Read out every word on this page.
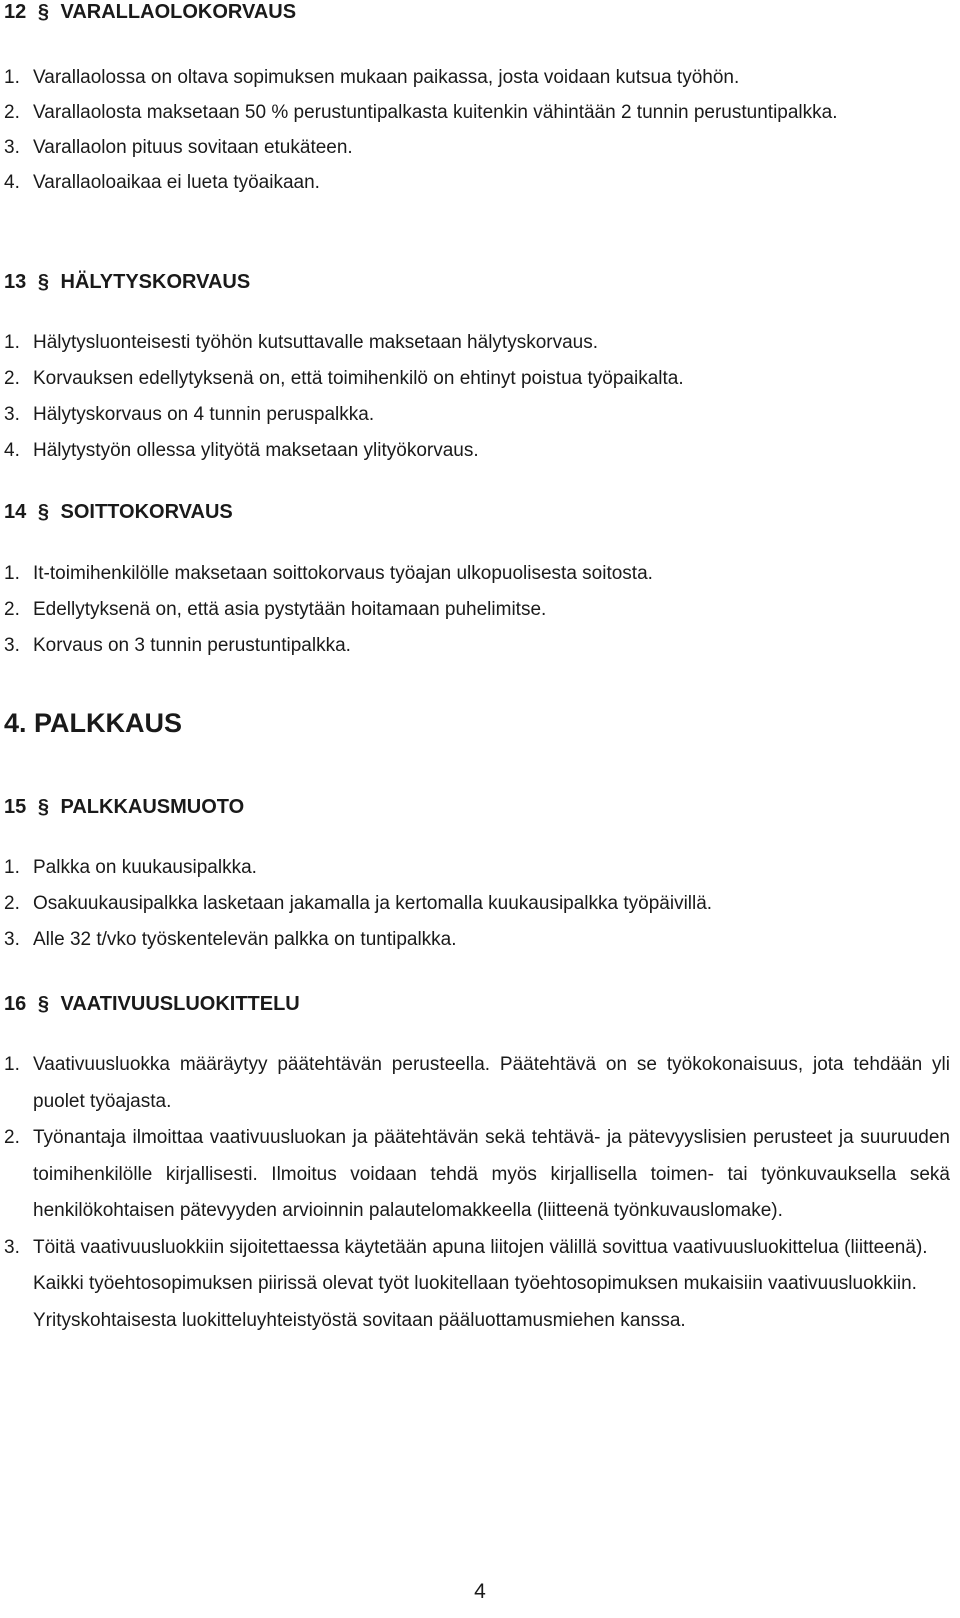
12 § VARALLAOLOKORVAUS
1. Varallaolossa on oltava sopimuksen mukaan paikassa, josta voidaan kutsua työhön.
2. Varallaolosta maksetaan 50 % perustuntipalkasta kuitenkin vähintään 2 tunnin perustuntipalkka.
3. Varallaolon pituus sovitaan etukäteen.
4. Varallaoloaikaa ei lueta työaikaan.
13 § HÄLYTYSKORVAUS
1. Hälytysluonteisesti työhön kutsuttavalle maksetaan hälytyskorvaus.
2. Korvauksen edellytyksenä on, että toimihenkilö on ehtinyt poistua työpaikalta.
3. Hälytyskorvaus on 4 tunnin peruspalkka.
4. Hälytystyön ollessa ylityötä maksetaan ylityökorvaus.
14 § SOITTOKORVAUS
1. It-toimihenkilölle maksetaan soittokorvaus työajan ulkopuolisesta soitosta.
2. Edellytyksenä on, että asia pystytään hoitamaan puhelimitse.
3. Korvaus on 3 tunnin perustuntipalkka.
4. PALKKAUS
15 § PALKKAUSMUOTO
1. Palkka on kuukausipalkka.
2. Osakuukausipalkka lasketaan jakamalla ja kertomalla kuukausipalkka työpäivillä.
3. Alle 32 t/vko työskentelevän palkka on tuntipalkka.
16 § VAATIVUUSLUOKITTELU
1. Vaativuusluokka määräytyy päätehtävän perusteella. Päätehtävä on se työkokonaisuus, jota tehdään yli puolet työajasta.
2. Työnantaja ilmoittaa vaativuusluokan ja päätehtävän sekä tehtävä- ja pätevyyslisien perusteet ja suuruuden toimihenkilölle kirjallisesti. Ilmoitus voidaan tehdä myös kirjallisella toimen- tai työnkuvauksella sekä henkilökohtaisen pätevyyden arvioinnin palautelomakkeella (liitteenä työnkuvauslomake).
3. Töitä vaativuusluokkiin sijoitettaessa käytetään apuna liitojen välillä sovittua vaativuusluokittelua (liitteenä).
Kaikki työehtosopimuksen piirissä olevat työt luokitellaan työehtosopimuksen mukaisiin vaativuusluokkiin.
Yrityskohtaisesta luokitteluyhteistyöstä sovitaan pääluottamusmiehen kanssa.
4
